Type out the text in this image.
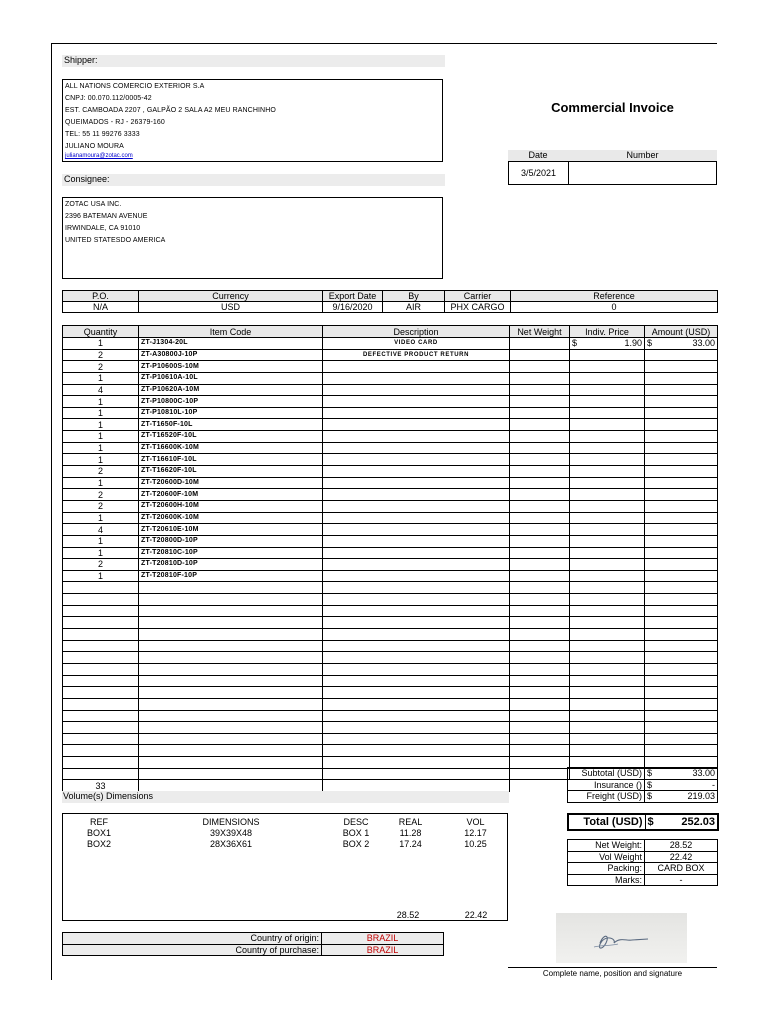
Shipper:
ALL NATIONS COMERCIO EXTERIOR S.A
CNPJ: 00.070.112/0005-42
EST. CAMBOADA 2207 , GALPÃO 2 SALA A2 MEU RANCHINHO
QUEIMADOS - RJ - 26379-160
TEL: 55 11 99276 3333
JULIANO MOURA
julianamoura@zotac.com
Commercial Invoice
Date	Number
3/5/2021
Consignee:
ZOTAC USA INC.
2396 BATEMAN AVENUE
IRWINDALE, CA 91010
UNITED STATESDO AMERICA
P.O.	Currency	Export Date	By	Carrier	Reference
N/A	USD	9/16/2020	AIR	PHX CARGO	0
Quantity	Item Code	Description	Net Weight	Indiv. Price	Amount (USD)
1	ZT-J1304-20L	VIDEO CARD		$ 1.90	$ 33.00

2	ZT-A30800J-10P	DEFECTIVE PRODUCT RETURN			
2	ZT-P10600S-10M				
1	ZT-P10610A-10L				
4	ZT-P10620A-10M				
1	ZT-P10800C-10P				
1	ZT-P10810L-10P				
1	ZT-T1650F-10L				
1	ZT-T16520F-10L				
1	ZT-T16600K-10M				
1	ZT-T16610F-10L				
2	ZT-T16620F-10L				
1	ZT-T20600D-10M				
2	ZT-T20600F-10M				
2	ZT-T20600H-10M				
1	ZT-T20600K-10M				
4	ZT-T20610E-10M				
1	ZT-T20800D-10P				
1	ZT-T20810C-10P				
2	ZT-T20810D-10P				
1	ZT-T20810F-10P				

33					
Subtotal (USD)	$ 33.00

Insurance ()	$ -

Freight (USD)	$ 219.03
Total (USD)	$	252.03
Net Weight:	28.52
Vol Weight	22.42
Packing:	CARD BOX
Marks:	-
Volume(s) Dimensions
REF	DIMENSIONS	DESC	REAL	VOL
BOX1	39X39X48	BOX 1	11.28	12.17
BOX2	28X36X61	BOX 2	17.24	10.25
28.52	22.42
Country of origin:	BRAZIL
Country of purchase:	BRAZIL
Complete name, position and signature
